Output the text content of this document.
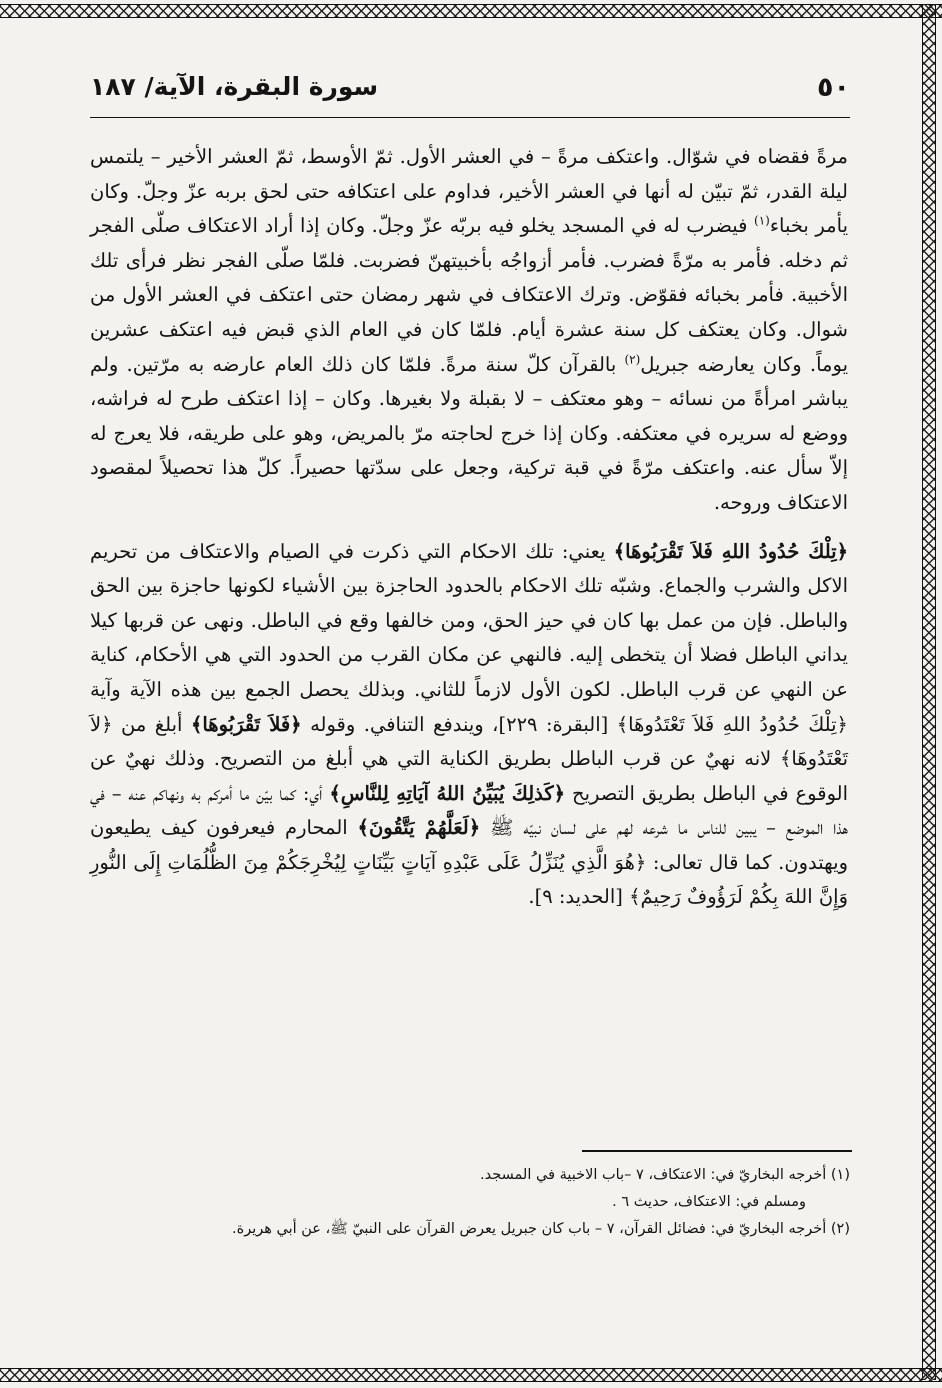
٥٠
سورة البقرة، الآية/ ١٨٧

مرةً فقضاه في شوّال. واعتكف مرةً – في العشر الأول. ثمّ الأوسط، ثمّ العشر الأخير – يلتمس ليلة القدر، ثمّ تبيّن له أنها في العشر الأخير، فداوم على اعتكافه حتى لحق بربه عزّ وجلّ. وكان يأمر بخباء$^{(١)}$ فيضرب له في المسجد يخلو فيه بربّه عزّ وجلّ. وكان إذا أراد الاعتكاف صلّى الفجر ثم دخله. فأمر به مرّةً فضرب. فأمر أزواجُه بأخبيتهنّ فضربت. فلمّا صلّى الفجر نظر فرأى تلك الأخبية. فأمر بخبائه فقوّض. وترك الاعتكاف في شهر رمضان حتى اعتكف في العشر الأول من شوال. وكان يعتكف كل سنة عشرة أيام. فلمّا كان في العام الذي قبض فيه اعتكف عشرين يوماً. وكان يعارضه جبريل$^{(٢)}$ بالقرآن كلّ سنة مرةً. فلمّا كان ذلك العام عارضه به مرّتين. ولم يباشر امرأةً من نسائه – وهو معتكف – لا بقبلة ولا بغيرها. وكان – إذا اعتكف طرح له فراشه، ووضع له سريره في معتكفه. وكان إذا خرج لحاجته مرّ بالمريض، وهو على طريقه، فلا يعرج له إلاّ سأل عنه. واعتكف مرّةً في قبة تركية، وجعل على سدّتها حصيراً. كلّ هذا تحصيلاً لمقصود الاعتكاف وروحه.

﴿تِلْكَ حُدُودُ اللهِ فَلاَ تَقْرَبُوهَا﴾ يعني: تلك الاحكام التي ذكرت في الصيام والاعتكاف من تحريم الاكل والشرب والجماع. وشبّه تلك الاحكام بالحدود الحاجزة بين الأشياء لكونها حاجزة بين الحق والباطل. فإن من عمل بها كان في حيز الحق، ومن خالفها وقع في الباطل. ونهى عن قربها كيلا يداني الباطل فضلا أن يتخطى إليه. فالنهي عن مكان القرب من الحدود التي هي الأحكام، كناية عن النهي عن قرب الباطل. لكون الأول لازماً للثاني. وبذلك يحصل الجمع بين هذه الآية وآية ﴿تِلْكَ حُدُودُ اللهِ فَلاَ تَعْتَدُوهَا﴾ [البقرة: ٢٢٩]، ويندفع التنافي. وقوله ﴿فَلاَ تَقْرَبُوهَا﴾ أبلغ من ﴿لاَ تَعْتَدُوهَا﴾ لانه نهيٌ عن قرب الباطل بطريق الكناية التي هي أبلغ من التصريح. وذلك نهيٌ عن الوقوع في الباطل بطريق التصريح ﴿كَذلِكَ يُبَيِّنُ اللهُ آيَاتِهِ لِلنَّاسِ﴾ أي: كما بيّن ما أمركم به ونهاكم عنه – في هذا الموضع – يبين للناس ما شرعه لهم على لسان نبيّه ﷺ ﴿لَعَلَّهُمْ يَتَّقُونَ﴾ المحارم فيعرفون كيف يطيعون ويهتدون. كما قال تعالى: ﴿هُوَ الَّذِي يُنَزِّلُ عَلَى عَبْدِهِ آيَاتٍ بَيِّنَاتٍ لِيُخْرِجَكُمْ مِنَ الظُّلُمَاتِ إِلَى النُّورِ وَإِنَّ اللهَ بِكُمْ لَرَؤُوفٌ رَحِيمٌ﴾ [الحديد: ٩].

(١) أخرجه البخاريّ في: الاعتكاف، ٧ –باب الاخبية في المسجد.

ومسلم في: الاعتكاف، حديث ٦ .

(٢) أخرجه البخاريّ في: فضائل القرآن، ٧ – باب كان جبريل يعرض القرآن على النبيّ ﷺ، عن أبي هريرة.
